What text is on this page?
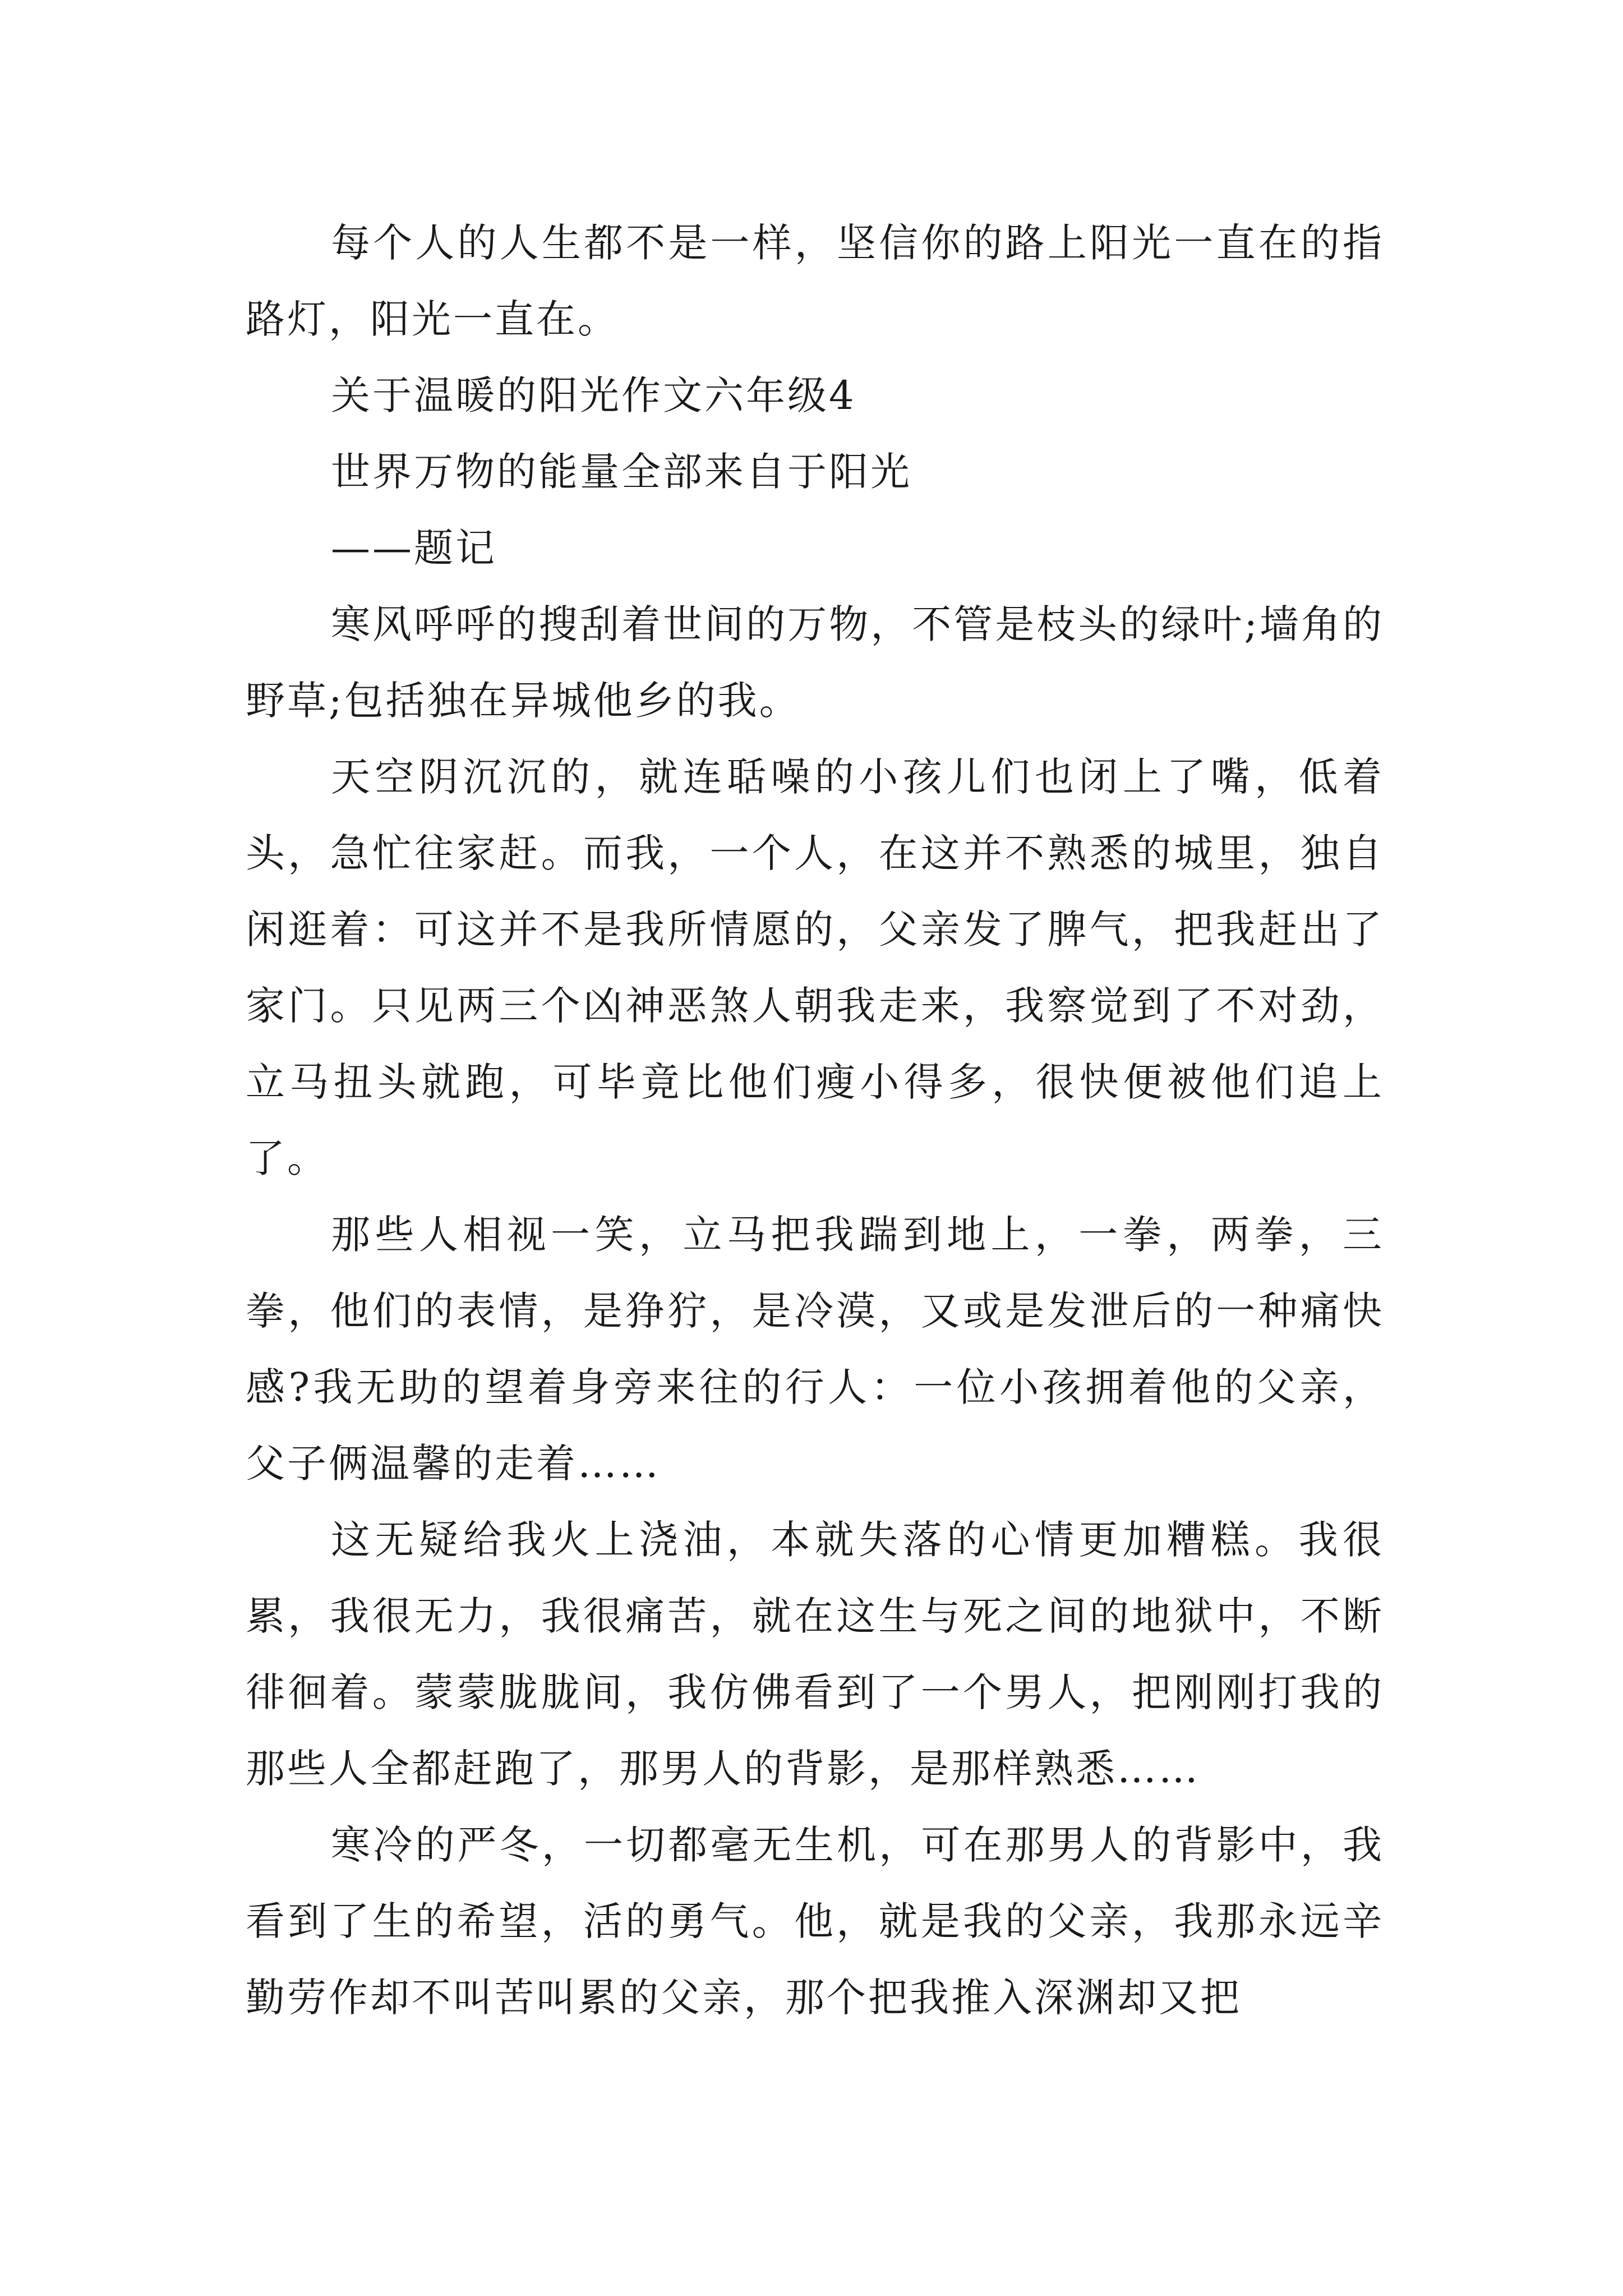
每个人的人生都不是一样，坚信你的路上阳光一直在的指路灯，阳光一直在。

关于温暖的阳光作文六年级4

世界万物的能量全部来自于阳光

——题记

寒风呼呼的搜刮着世间的万物，不管是枝头的绿叶;墙角的野草;包括独在异城他乡的我。

天空阴沉沉的，就连聒噪的小孩儿们也闭上了嘴，低着头，急忙往家赶。而我，一个人，在这并不熟悉的城里，独自闲逛着：可这并不是我所情愿的，父亲发了脾气，把我赶出了家门。只见两三个凶神恶煞人朝我走来，我察觉到了不对劲，立马扭头就跑，可毕竟比他们瘦小得多，很快便被他们追上了。

那些人相视一笑，立马把我踹到地上，一拳，两拳，三拳，他们的表情，是狰狞，是冷漠，又或是发泄后的一种痛快感?我无助的望着身旁来往的行人：一位小孩拥着他的父亲，父子俩温馨的走着……

这无疑给我火上浇油，本就失落的心情更加糟糕。我很累，我很无力，我很痛苦，就在这生与死之间的地狱中，不断徘徊着。蒙蒙胧胧间，我仿佛看到了一个男人，把刚刚打我的那些人全都赶跑了，那男人的背影，是那样熟悉……

寒冷的严冬，一切都毫无生机，可在那男人的背影中，我看到了生的希望，活的勇气。他，就是我的父亲，我那永远辛勤劳作却不叫苦叫累的父亲，那个把我推入深渊却又把
